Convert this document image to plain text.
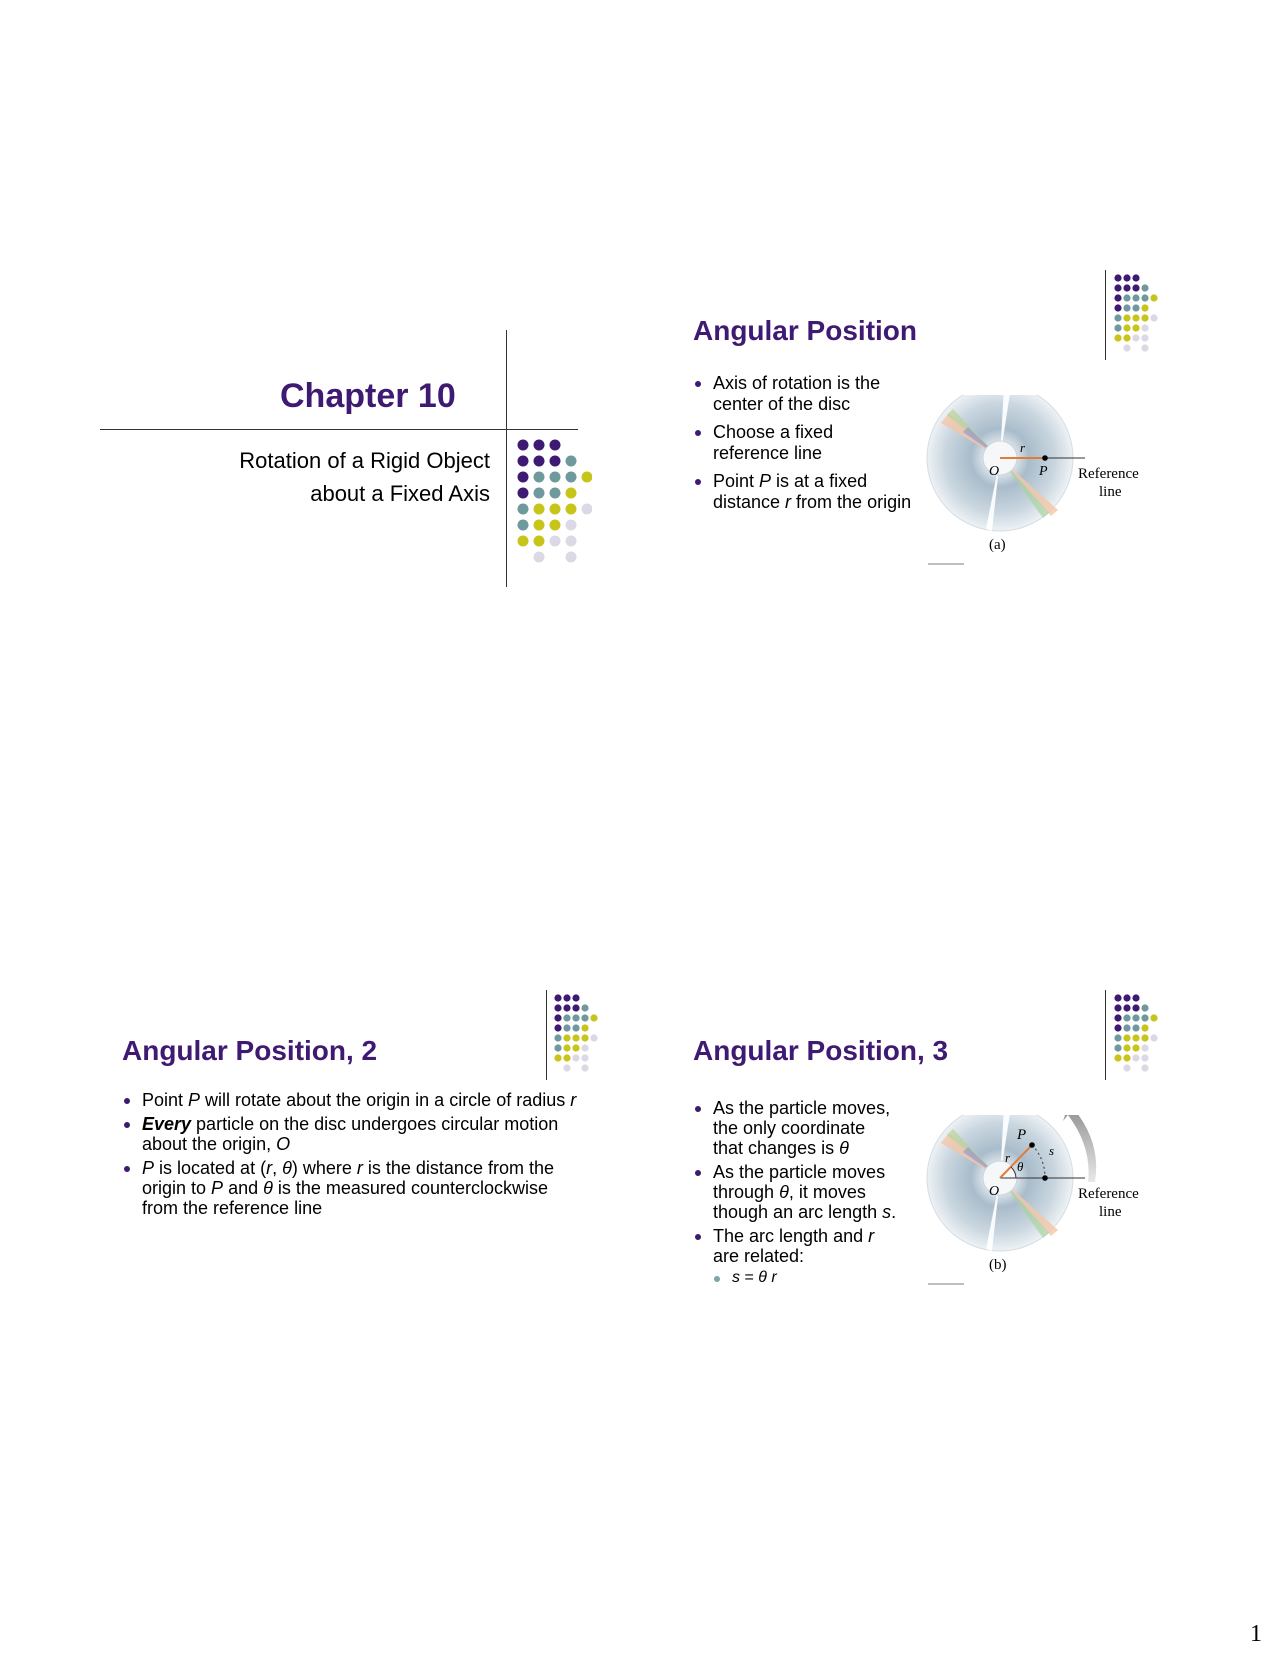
Chapter 10
Rotation of a Rigid Object
about a Fixed Axis
Angular Position
Axis of rotation is the center of the disc
Choose a fixed reference line
Point P is at a fixed distance r from the origin
r
O	P Reference
line
(a)
Angular Position, 2
Point P will rotate about the origin in a circle of radius r
Every particle on the disc undergoes circular motion about the origin, O
P is located at (r, θ) where r is the distance from the origin to P and θ is the measured counterclockwise from the reference line
Angular Position, 3
As the particle moves, the only coordinate that changes is θ
As the particle moves through θ, it moves though an arc length s.
The arc length and r are related:
s = θ r
P
r	s
θ
O	Reference
line
(b)
1
